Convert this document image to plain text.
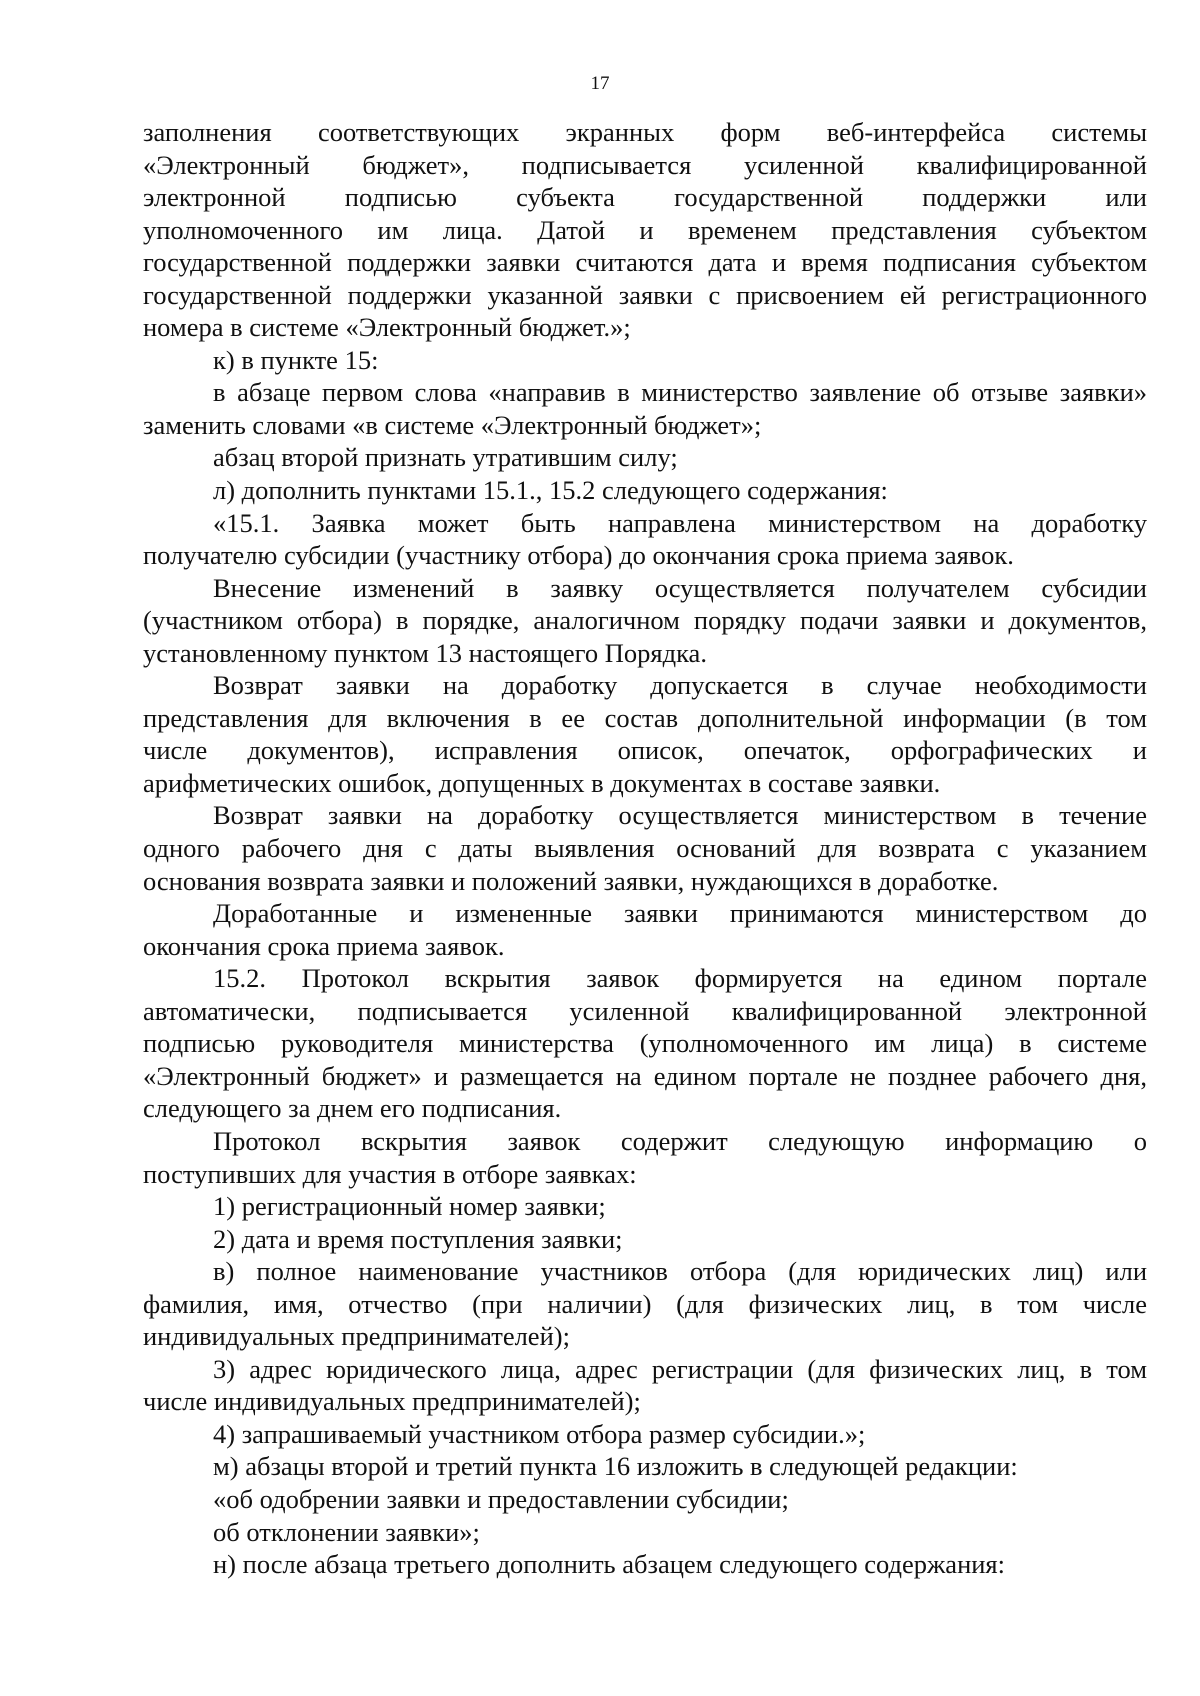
17

заполнения соответствующих экранных форм веб-интерфейса системы

«Электронный бюджет», подписывается усиленной квалифицированной

электронной подписью субъекта государственной поддержки или

уполномоченного им лица. Датой и временем представления субъектом

государственной поддержки заявки считаются дата и время подписания субъектом

государственной поддержки указанной заявки с присвоением ей регистрационного

номера в системе «Электронный бюджет.»;

к) в пункте 15:

в абзаце первом слова «направив в министерство заявление об отзыве заявки»

заменить словами «в системе «Электронный бюджет»;

абзац второй признать утратившим силу;

л) дополнить пунктами 15.1., 15.2 следующего содержания:

«15.1. Заявка может быть направлена министерством на доработку

получателю субсидии (участнику отбора) до окончания срока приема заявок.

Внесение изменений в заявку осуществляется получателем субсидии

(участником отбора) в порядке, аналогичном порядку подачи заявки и документов,

установленному пунктом 13 настоящего Порядка.

Возврат заявки на доработку допускается в случае необходимости

представления для включения в ее состав дополнительной информации (в том

числе документов), исправления описок, опечаток, орфографических и

арифметических ошибок, допущенных в документах в составе заявки.

Возврат заявки на доработку осуществляется министерством в течение

одного рабочего дня с даты выявления оснований для возврата с указанием

основания возврата заявки и положений заявки, нуждающихся в доработке.

Доработанные и измененные заявки принимаются министерством до

окончания срока приема заявок.

15.2. Протокол вскрытия заявок формируется на едином портале

автоматически, подписывается усиленной квалифицированной электронной

подписью руководителя министерства (уполномоченного им лица) в системе

«Электронный бюджет» и размещается на едином портале не позднее рабочего дня,

следующего за днем его подписания.

Протокол вскрытия заявок содержит следующую информацию о

поступивших для участия в отборе заявках:

1) регистрационный номер заявки;

2) дата и время поступления заявки;

в) полное наименование участников отбора (для юридических лиц) или

фамилия, имя, отчество (при наличии) (для физических лиц, в том числе

индивидуальных предпринимателей);

3) адрес юридического лица, адрес регистрации (для физических лиц, в том

числе индивидуальных предпринимателей);

4) запрашиваемый участником отбора размер субсидии.»;

м) абзацы второй и третий пункта 16 изложить в следующей редакции:

«об одобрении заявки и предоставлении субсидии;

об отклонении заявки»;

н) после абзаца третьего дополнить абзацем следующего содержания:
